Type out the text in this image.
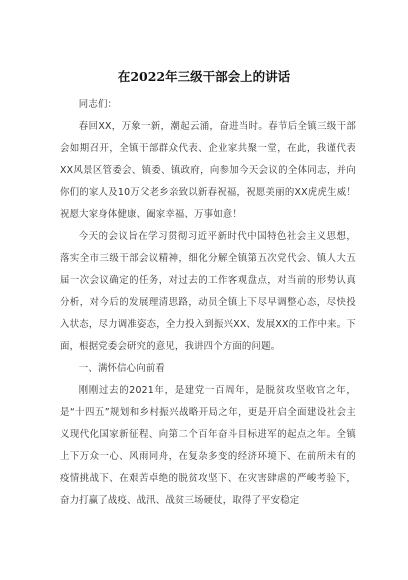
在2022年三级干部会上的讲话

同志们：

春回XX，万象一新，潮起云涌，奋进当时。春节后全镇三级干部会如期召开，全镇干部群众代表、企业家共聚一堂，在此，我谨代表XX风景区管委会、镇委、镇政府，向参加今天会议的全体同志，并向你们的家人及10万父老乡亲致以新春祝福，祝愿美丽的XX虎虎生威！祝愿大家身体健康、阖家幸福、万事如意！

今天的会议旨在学习贯彻习近平新时代中国特色社会主义思想，落实全市三级干部会议精神，细化分解全镇第五次党代会、镇人大五届一次会议确定的任务，对过去的工作客观盘点，对当前的形势认真分析，对今后的发展理清思路，动员全镇上下尽早调整心态，尽快投入状态，尽力调准姿态，全力投入到振兴XX、发展XX的工作中来。下面，根据党委会研究的意见，我讲四个方面的问题。

一、满怀信心向前看

刚刚过去的2021年，是建党一百周年，是脱贫攻坚收官之年，是“十四五”规划和乡村振兴战略开局之年，更是开启全面建设社会主义现代化国家新征程、向第二个百年奋斗目标进军的起点之年。全镇上下万众一心、风雨同舟，在复杂多变的经济环境下、在前所未有的疫情挑战下、在艰苦卓绝的脱贫攻坚下、在灾害肆虐的严峻考验下，奋力打赢了战疫、战汛、战贫三场硬仗，取得了平安稳定
